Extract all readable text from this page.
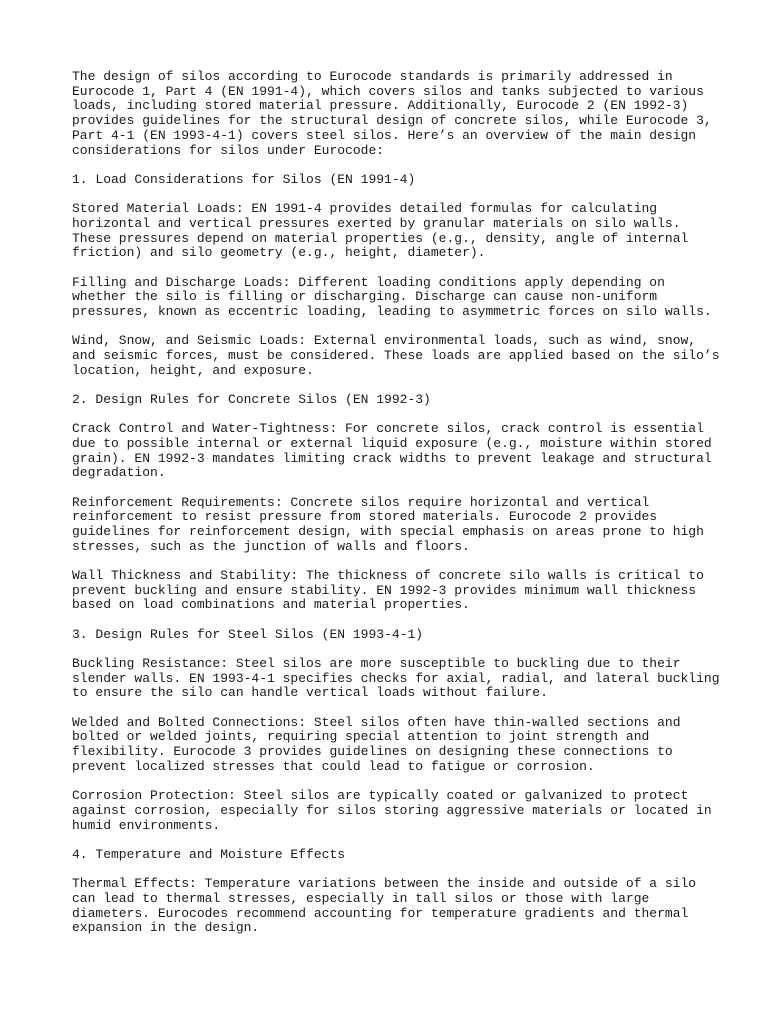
The design of silos according to Eurocode standards is primarily addressed in
Eurocode 1, Part 4 (EN 1991-4), which covers silos and tanks subjected to various
loads, including stored material pressure. Additionally, Eurocode 2 (EN 1992-3)
provides guidelines for the structural design of concrete silos, while Eurocode 3,
Part 4-1 (EN 1993-4-1) covers steel silos. Here’s an overview of the main design
considerations for silos under Eurocode:

1. Load Considerations for Silos (EN 1991-4)

Stored Material Loads: EN 1991-4 provides detailed formulas for calculating
horizontal and vertical pressures exerted by granular materials on silo walls.
These pressures depend on material properties (e.g., density, angle of internal
friction) and silo geometry (e.g., height, diameter).

Filling and Discharge Loads: Different loading conditions apply depending on
whether the silo is filling or discharging. Discharge can cause non-uniform
pressures, known as eccentric loading, leading to asymmetric forces on silo walls.

Wind, Snow, and Seismic Loads: External environmental loads, such as wind, snow,
and seismic forces, must be considered. These loads are applied based on the silo’s
location, height, and exposure.

2. Design Rules for Concrete Silos (EN 1992-3)

Crack Control and Water-Tightness: For concrete silos, crack control is essential
due to possible internal or external liquid exposure (e.g., moisture within stored
grain). EN 1992-3 mandates limiting crack widths to prevent leakage and structural
degradation.

Reinforcement Requirements: Concrete silos require horizontal and vertical
reinforcement to resist pressure from stored materials. Eurocode 2 provides
guidelines for reinforcement design, with special emphasis on areas prone to high
stresses, such as the junction of walls and floors.

Wall Thickness and Stability: The thickness of concrete silo walls is critical to
prevent buckling and ensure stability. EN 1992-3 provides minimum wall thickness
based on load combinations and material properties.

3. Design Rules for Steel Silos (EN 1993-4-1)

Buckling Resistance: Steel silos are more susceptible to buckling due to their
slender walls. EN 1993-4-1 specifies checks for axial, radial, and lateral buckling
to ensure the silo can handle vertical loads without failure.

Welded and Bolted Connections: Steel silos often have thin-walled sections and
bolted or welded joints, requiring special attention to joint strength and
flexibility. Eurocode 3 provides guidelines on designing these connections to
prevent localized stresses that could lead to fatigue or corrosion.

Corrosion Protection: Steel silos are typically coated or galvanized to protect
against corrosion, especially for silos storing aggressive materials or located in
humid environments.

4. Temperature and Moisture Effects

Thermal Effects: Temperature variations between the inside and outside of a silo
can lead to thermal stresses, especially in tall silos or those with large
diameters. Eurocodes recommend accounting for temperature gradients and thermal
expansion in the design.
